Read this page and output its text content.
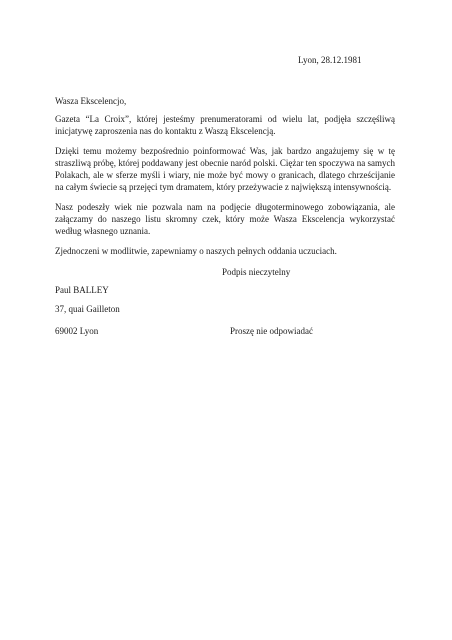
Lyon, 28.12.1981

Wasza Ekscelencjo,

Gazeta “La Croix”, której jesteśmy prenumeratorami od wielu lat, podjęła szczęśliwą inicjatywę zaproszenia nas do kontaktu z Waszą Ekscelencją.

Dzięki temu możemy bezpośrednio poinformować Was, jak bardzo angażujemy się w tę straszliwą próbę, której poddawany jest obecnie naród polski. Ciężar ten spoczywa na samych Polakach, ale w sferze myśli i wiary, nie może być mowy o granicach, dlatego chrześcijanie na całym świecie są przejęci tym dramatem, który przeżywacie z największą intensywnością.

Nasz podeszły wiek nie pozwala nam na podjęcie długoterminowego zobowiązania, ale załączamy do naszego listu skromny czek, który może Wasza Ekscelencja wykorzystać według własnego uznania.

Zjednoczeni w modlitwie, zapewniamy o naszych pełnych oddania uczuciach.

Podpis nieczytelny

Paul BALLEY

37, quai Gailleton

69002 Lyon	Proszę nie odpowiadać
